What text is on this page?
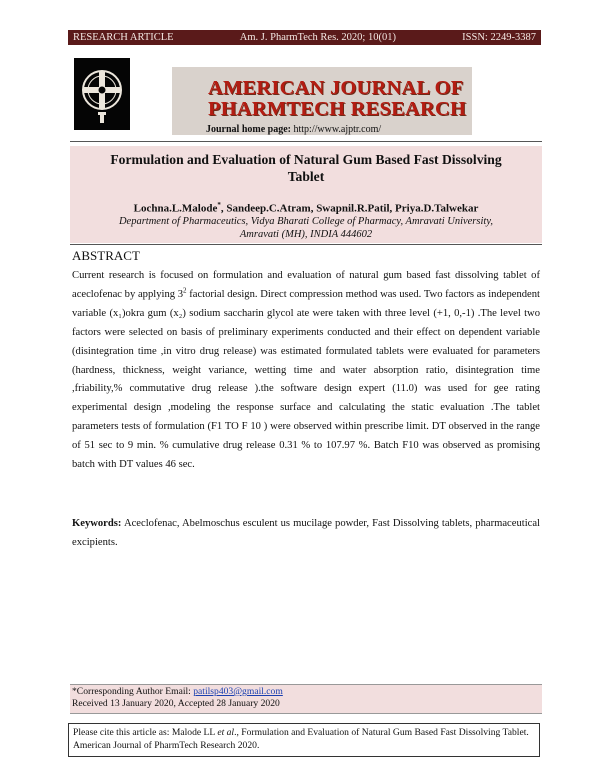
RESEARCH ARTICLE	Am. J. PharmTech Res. 2020; 10(01)	ISSN: 2249-3387
AMERICAN JOURNAL OF
PHARMTECH RESEARCH
Journal home page: http://www.ajptr.com/
Formulation and Evaluation of Natural Gum Based Fast Dissolving
Tablet
Lochna.L.Malode*, Sandeep.C.Atram, Swapnil.R.Patil, Priya.D.Talwekar
Department of Pharmaceutics, Vidya Bharati College of Pharmacy, Amravati University,
Amravati (MH), INDIA 444602
ABSTRACT
Current research is focused on formulation and evaluation of natural gum based fast dissolving tablet of aceclofenac by applying $3^2$ factorial design. Direct compression method was used. Two factors as independent variable (x₁)okra gum (x₂) sodium saccharin glycol ate were taken with three level (+1, 0,-1) .The level two factors were selected on basis of preliminary experiments conducted and their effect on dependent variable (disintegration time ,in vitro drug release) was estimated formulated tablets were evaluated for parameters (hardness, thickness, weight variance, wetting time and water absorption ratio, disintegration time ,friability,% commutative drug release ).the software design expert (11.0) was used for gee rating experimental design ,modeling the response surface and calculating the static evaluation .The tablet parameters tests of formulation (F1 TO F 10 ) were observed within prescribe limit. DT observed in the range of 51 sec to 9 min. % cumulative drug release 0.31 % to 107.97 %. Batch F10 was observed as promising batch with DT values 46 sec.
Keywords: Aceclofenac, Abelmoschus esculent us mucilage powder, Fast Dissolving tablets, pharmaceutical excipients.
*Corresponding Author Email: patilsp403@gmail.com
Received 13 January 2020, Accepted 28 January 2020
Please cite this article as: Malode LL et al., Formulation and Evaluation of Natural Gum Based Fast Dissolving Tablet. American Journal of PharmTech Research 2020.
